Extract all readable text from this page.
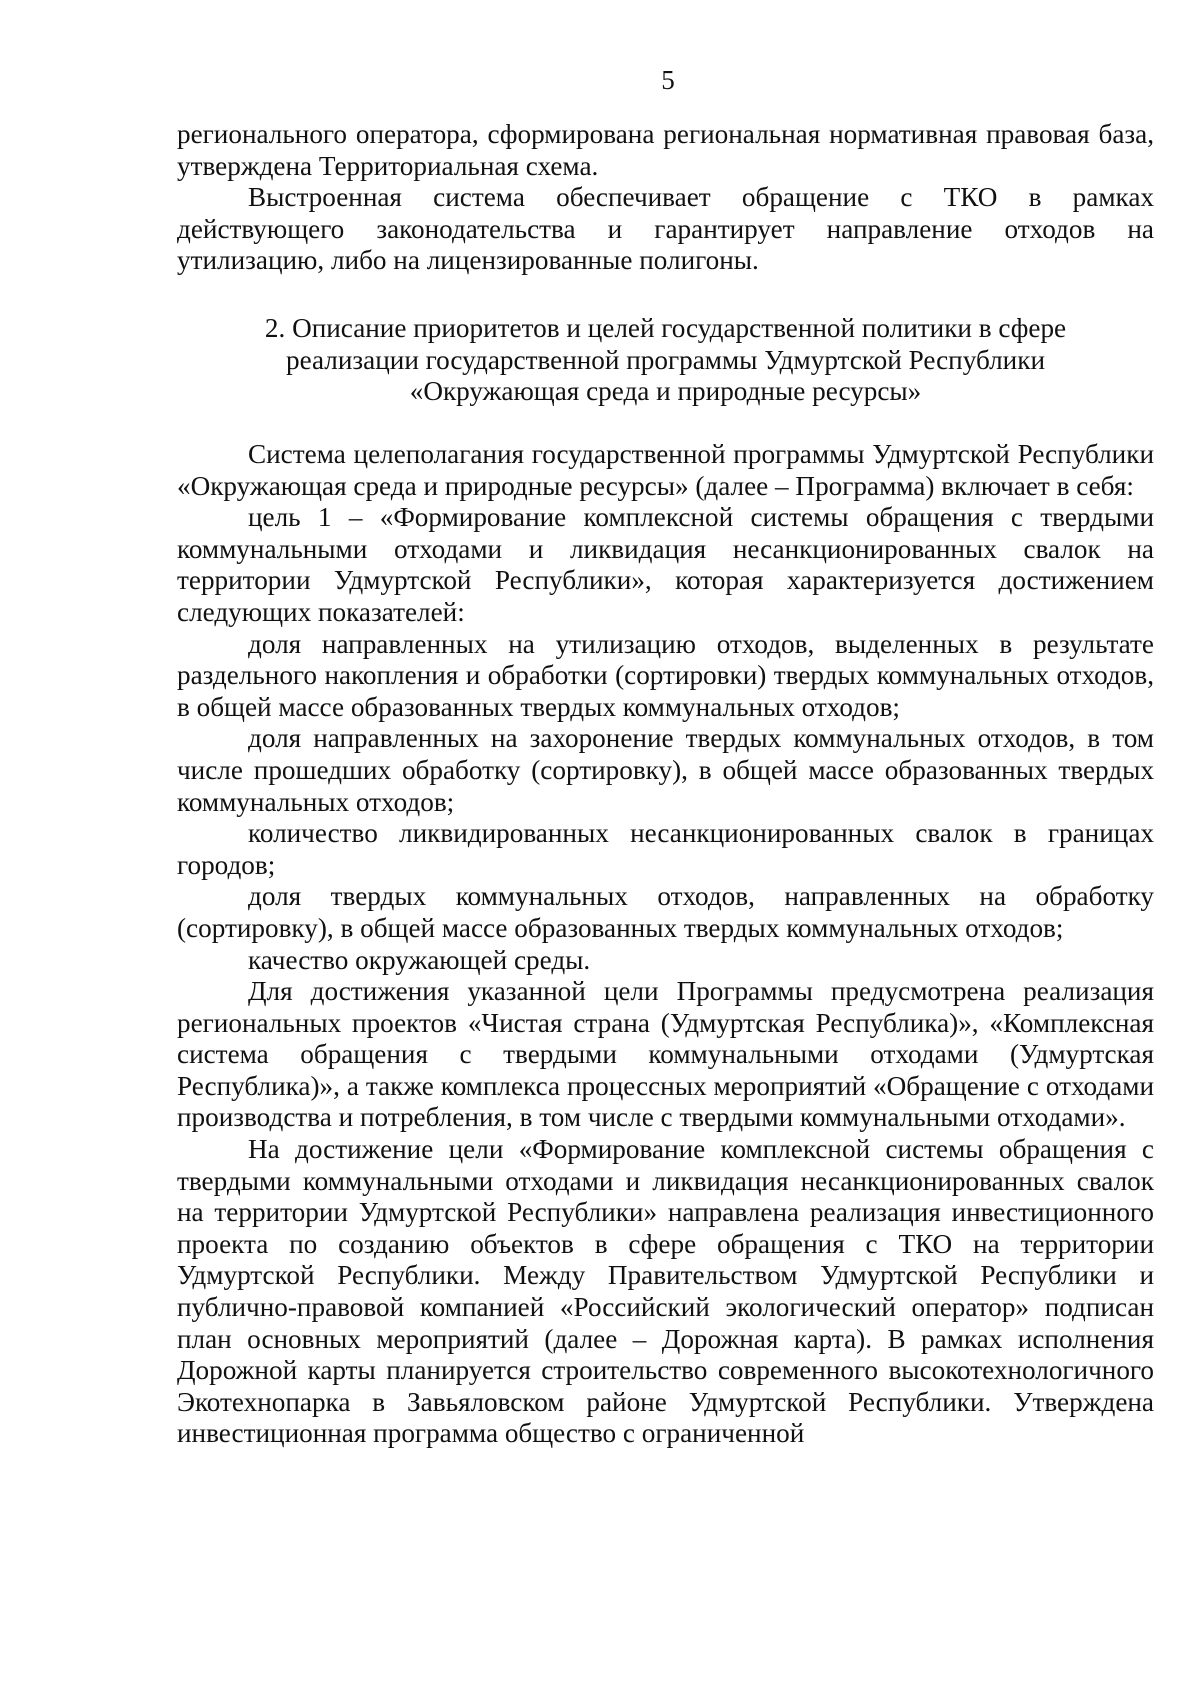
5

регионального оператора, сформирована региональная нормативная правовая база, утверждена Территориальная схема.

Выстроенная система обеспечивает обращение с ТКО в рамках действующего законодательства и гарантирует направление отходов на утилизацию, либо на лицензированные полигоны.

2. Описание приоритетов и целей государственной политики в сфере
реализации государственной программы Удмуртской Республики
«Окружающая среда и природные ресурсы»

Система целеполагания государственной программы Удмуртской Республики «Окружающая среда и природные ресурсы» (далее – Программа) включает в себя:

цель 1 – «Формирование комплексной системы обращения с твердыми коммунальными отходами и ликвидация несанкционированных свалок на территории Удмуртской Республики», которая характеризуется достижением следующих показателей:

доля направленных на утилизацию отходов, выделенных в результате раздельного накопления и обработки (сортировки) твердых коммунальных отходов, в общей массе образованных твердых коммунальных отходов;

доля направленных на захоронение твердых коммунальных отходов, в том числе прошедших обработку (сортировку), в общей массе образованных твердых коммунальных отходов;

количество ликвидированных несанкционированных свалок в границах городов;

доля твердых коммунальных отходов, направленных на обработку (сортировку), в общей массе образованных твердых коммунальных отходов;

качество окружающей среды.

Для достижения указанной цели Программы предусмотрена реализация региональных проектов «Чистая страна (Удмуртская Республика)», «Комплексная система обращения с твердыми коммунальными отходами (Удмуртская Республика)», а также комплекса процессных мероприятий «Обращение с отходами производства и потребления, в том числе с твердыми коммунальными отходами».

На достижение цели «Формирование комплексной системы обращения с твердыми коммунальными отходами и ликвидация несанкционированных свалок на территории Удмуртской Республики» направлена реализация инвестиционного проекта по созданию объектов в сфере обращения с ТКО на территории Удмуртской Республики. Между Правительством Удмуртской Республики и публично-правовой компанией «Российский экологический оператор» подписан план основных мероприятий (далее – Дорожная карта). В рамках исполнения Дорожной карты планируется строительство современного высокотехнологичного Экотехнопарка в Завьяловском районе Удмуртской Республики. Утверждена инвестиционная программа общество с ограниченной
